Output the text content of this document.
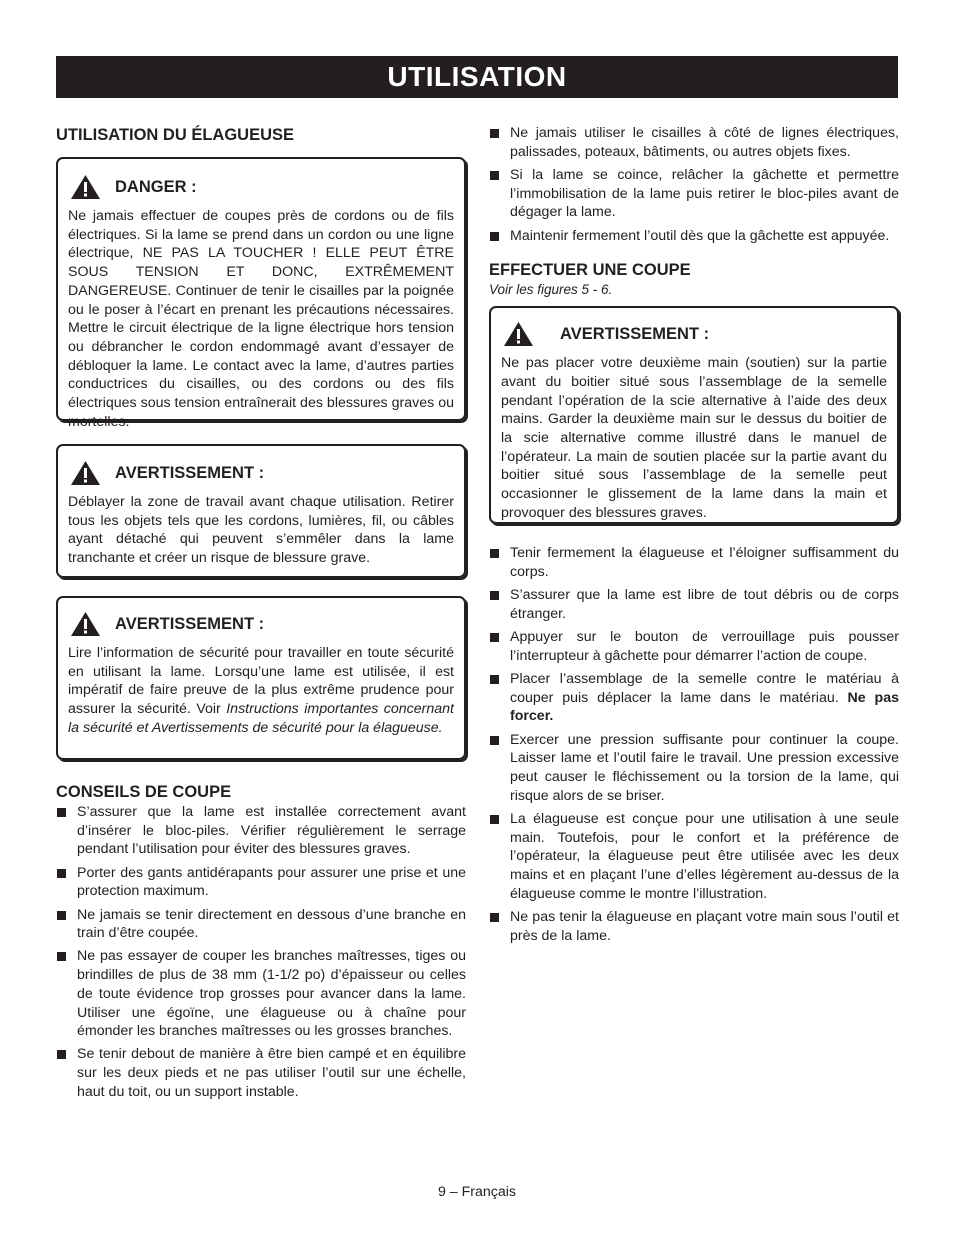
UTILISATION
UTILISATION DU ÉLAGUEUSE
DANGER :

Ne jamais effectuer de coupes près de cordons ou de fils électriques. Si la lame se prend dans un cordon ou une ligne électrique, NE PAS LA TOUCHER ! ELLE PEUT ÊTRE SOUS TENSION ET DONC, EXTRÊMEMENT DANGEREUSE. Continuer de tenir le cisailles par la poignée ou le poser à l’écart en prenant les précautions nécessaires. Mettre le circuit électrique de la ligne électrique hors tension ou débrancher le cordon endommagé avant d’essayer de débloquer la lame. Le contact avec la lame, d’autres parties conductrices du cisailles, ou des cordons ou des fils électriques sous tension entraînerait des blessures graves ou mortelles.

AVERTISSEMENT :

Déblayer la zone de travail avant chaque utilisation. Retirer tous les objets tels que les cordons, lumières, fil, ou câbles ayant détaché qui peuvent s’emmêler dans la lame tranchante et créer un risque de blessure grave.

AVERTISSEMENT :

Lire l’information de sécurité pour travailler en toute sécurité en utilisant la lame. Lorsqu’une lame est utilisée, il est impératif de faire preuve de la plus extrême prudence pour assurer la sécurité. Voir Instructions importantes concernant la sécurité et Avertissements de sécurité pour la élagueuse.

CONSEILS DE COUPE
S’assurer que la lame est installée correctement avant d’insérer le bloc-piles. Vérifier régulièrement le serrage pendant l’utilisation pour éviter des blessures graves.
Porter des gants antidérapants pour assurer une prise et une protection maximum.
Ne jamais se tenir directement en dessous d’une branche en train d’être coupée.
Ne pas essayer de couper les branches maîtresses, tiges ou brindilles de plus de 38 mm (1-1/2 po) d’épaisseur ou celles de toute évidence trop grosses pour avancer dans la lame. Utiliser une égoïne, une élagueuse ou à chaîne pour émonder les branches maîtresses ou les grosses branches.
Se tenir debout de manière à être bien campé et en équilibre sur les deux pieds et ne pas utiliser l’outil sur une échelle, haut du toit, ou un support instable.
Ne jamais utiliser le cisailles à côté de lignes électriques, palissades, poteaux, bâtiments, ou autres objets fixes.
Si la lame se coince, relâcher la gâchette et permettre l’immobilisation de la lame puis retirer le bloc-piles avant de dégager la lame.
Maintenir fermement l’outil dès que la gâchette est appuyée.
EFFECTUER UNE COUPE

Voir les figures 5 - 6.

AVERTISSEMENT :

Ne pas placer votre deuxième main (soutien) sur la partie avant du boitier situé sous l’assemblage de la semelle pendant l’opération de la scie alternative à l’aide des deux mains. Garder la deuxième main sur le dessus du boitier de la scie alternative comme illustré dans le manuel de l’opérateur. La main de soutien placée sur la partie avant du boitier situé sous l’assemblage de la semelle peut occasionner le glissement de la lame dans la main et provoquer des blessures graves.

Tenir fermement la élagueuse et l’éloigner suffisamment du corps.
S’assurer que la lame est libre de tout débris ou de corps étranger.
Appuyer sur le bouton de verrouillage puis pousser l’interrupteur à gâchette pour démarrer l’action de coupe.
Placer l’assemblage de la semelle contre le matériau à couper puis déplacer la lame dans le matériau. Ne pas forcer.
Exercer une pression suffisante pour continuer la coupe. Laisser lame et l’outil faire le travail. Une pression excessive peut causer le fléchissement ou la torsion de la lame, qui risque alors de se briser.
La élagueuse est conçue pour une utilisation à une seule main. Toutefois, pour le confort et la préférence de l’opérateur, la élagueuse peut être utilisée avec les deux mains et en plaçant l’une d’elles légèrement au-dessus de la élagueuse comme le montre l’illustration.
Ne pas tenir la élagueuse en plaçant votre main sous l’outil et près de la lame.
9 – Français
